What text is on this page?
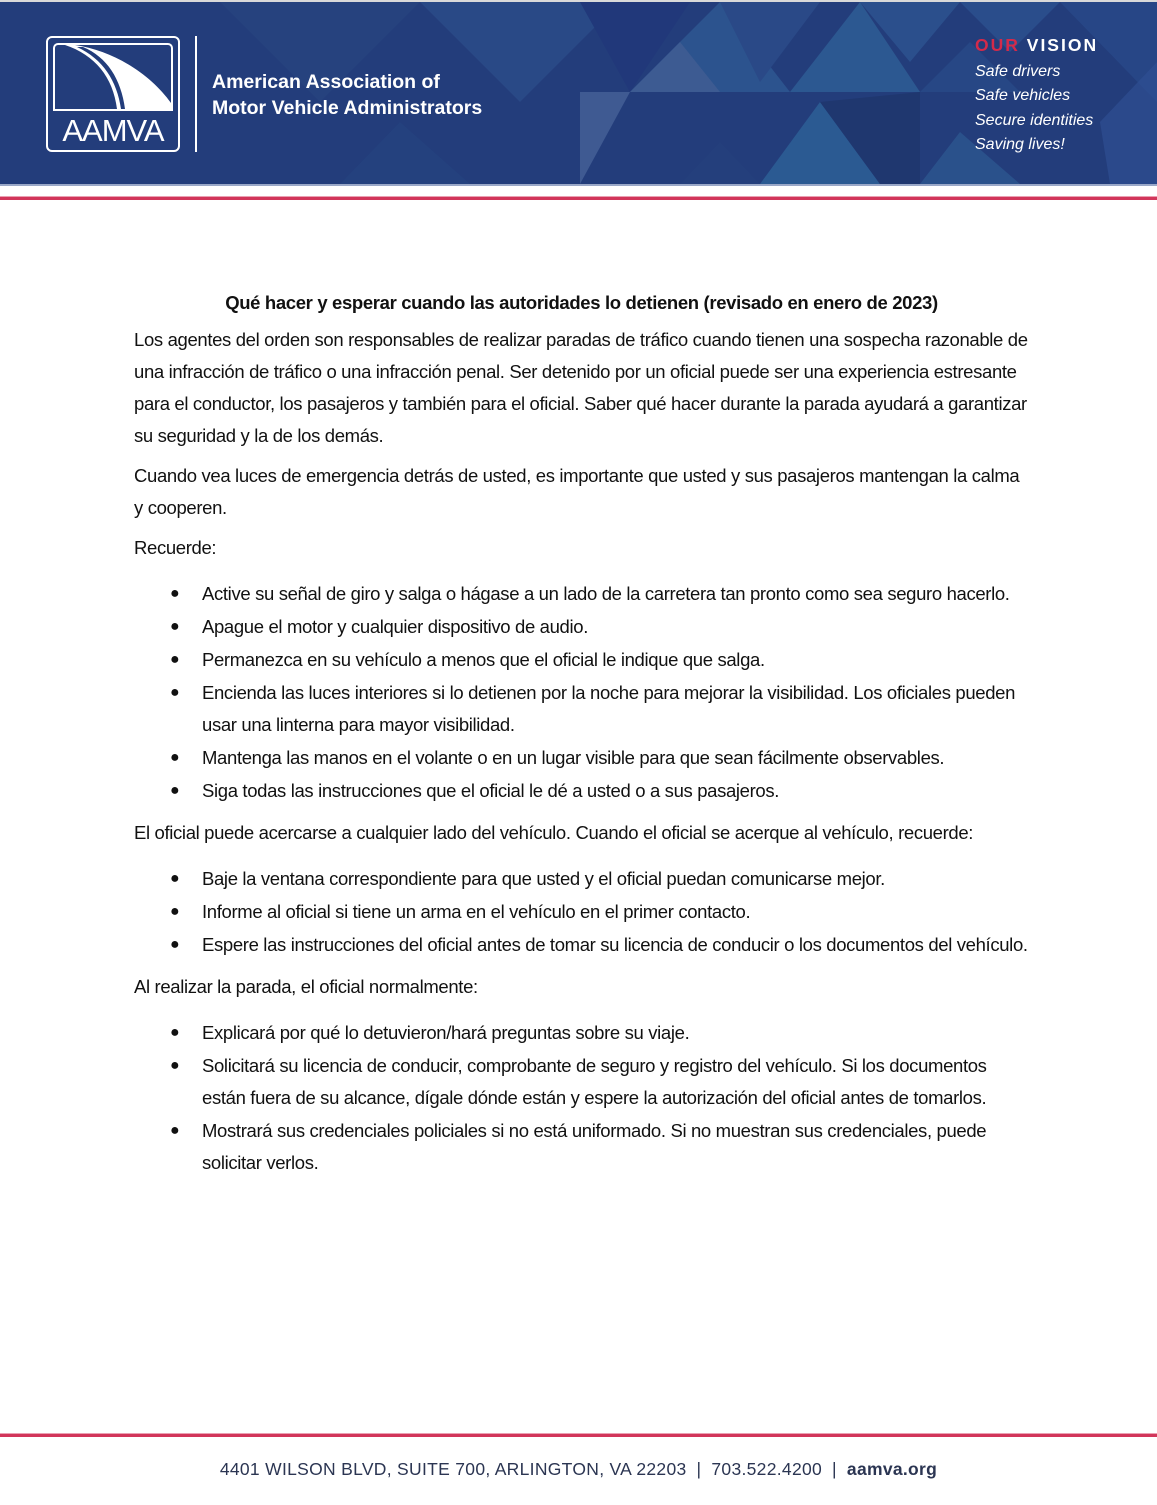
AAMVA
American Association of
Motor Vehicle Administrators
OUR VISION
Safe drivers
Safe vehicles
Secure identities
Saving lives!

Qué hacer y esperar cuando las autoridades lo detienen (revisado en enero de 2023)

Los agentes del orden son responsables de realizar paradas de tráfico cuando tienen una sospecha razonable de una infracción de tráfico o una infracción penal. Ser detenido por un oficial puede ser una experiencia estresante para el conductor, los pasajeros y también para el oficial. Saber qué hacer durante la parada ayudará a garantizar su seguridad y la de los demás.

Cuando vea luces de emergencia detrás de usted, es importante que usted y sus pasajeros mantengan la calma y cooperen.

Recuerde:

● Active su señal de giro y salga o hágase a un lado de la carretera tan pronto como sea seguro hacerlo.
● Apague el motor y cualquier dispositivo de audio.
● Permanezca en su vehículo a menos que el oficial le indique que salga.
● Encienda las luces interiores si lo detienen por la noche para mejorar la visibilidad. Los oficiales pueden usar una linterna para mayor visibilidad.
● Mantenga las manos en el volante o en un lugar visible para que sean fácilmente observables.
● Siga todas las instrucciones que el oficial le dé a usted o a sus pasajeros.

El oficial puede acercarse a cualquier lado del vehículo. Cuando el oficial se acerque al vehículo, recuerde:

● Baje la ventana correspondiente para que usted y el oficial puedan comunicarse mejor.
● Informe al oficial si tiene un arma en el vehículo en el primer contacto.
● Espere las instrucciones del oficial antes de tomar su licencia de conducir o los documentos del vehículo.

Al realizar la parada, el oficial normalmente:

● Explicará por qué lo detuvieron/hará preguntas sobre su viaje.
● Solicitará su licencia de conducir, comprobante de seguro y registro del vehículo. Si los documentos están fuera de su alcance, dígale dónde están y espere la autorización del oficial antes de tomarlos.
● Mostrará sus credenciales policiales si no está uniformado. Si no muestran sus credenciales, puede solicitar verlos.
4401 WILSON BLVD, SUITE 700, ARLINGTON, VA 22203 | 703.522.4200 | aamva.org
